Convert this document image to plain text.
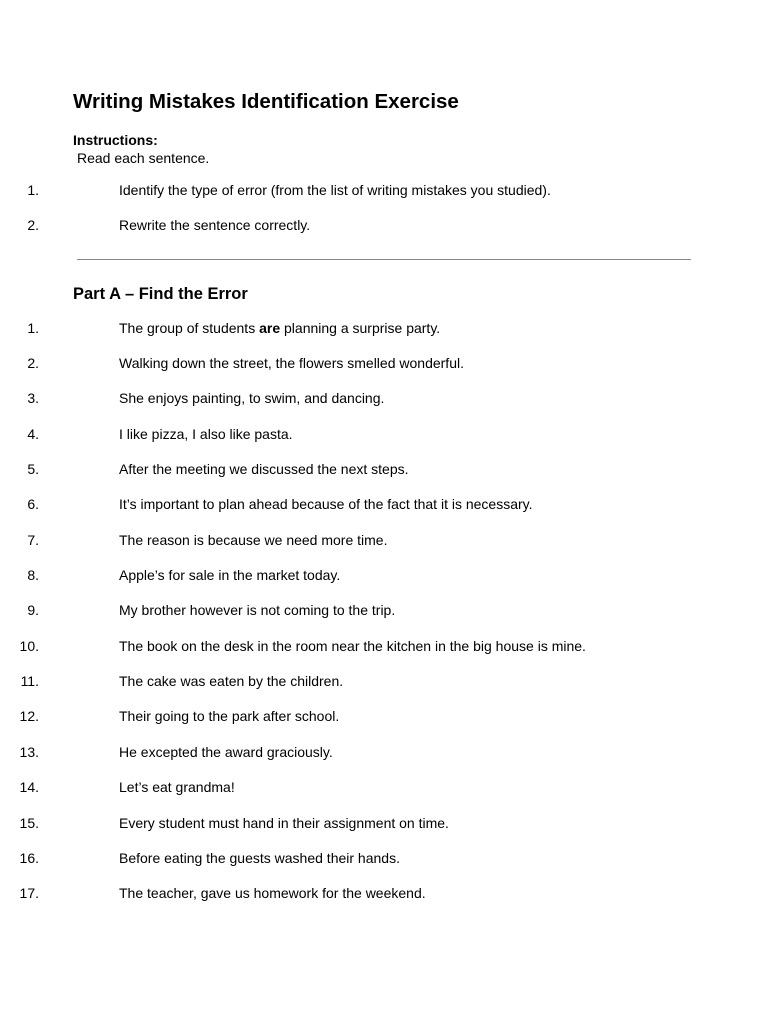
Writing Mistakes Identification Exercise
Instructions:
Read each sentence.
1.	Identify the type of error (from the list of writing mistakes you studied).
2.	Rewrite the sentence correctly.
Part A – Find the Error
1.	The group of students are planning a surprise party.
2.	Walking down the street, the flowers smelled wonderful.
3.	She enjoys painting, to swim, and dancing.
4.	I like pizza, I also like pasta.
5.	After the meeting we discussed the next steps.
6.	It’s important to plan ahead because of the fact that it is necessary.
7.	The reason is because we need more time.
8.	Apple’s for sale in the market today.
9.	My brother however is not coming to the trip.
10.	The book on the desk in the room near the kitchen in the big house is mine.
11.	The cake was eaten by the children.
12.	Their going to the park after school.
13.	He excepted the award graciously.
14.	Let’s eat grandma!
15.	Every student must hand in their assignment on time.
16.	Before eating the guests washed their hands.
17.	The teacher, gave us homework for the weekend.
